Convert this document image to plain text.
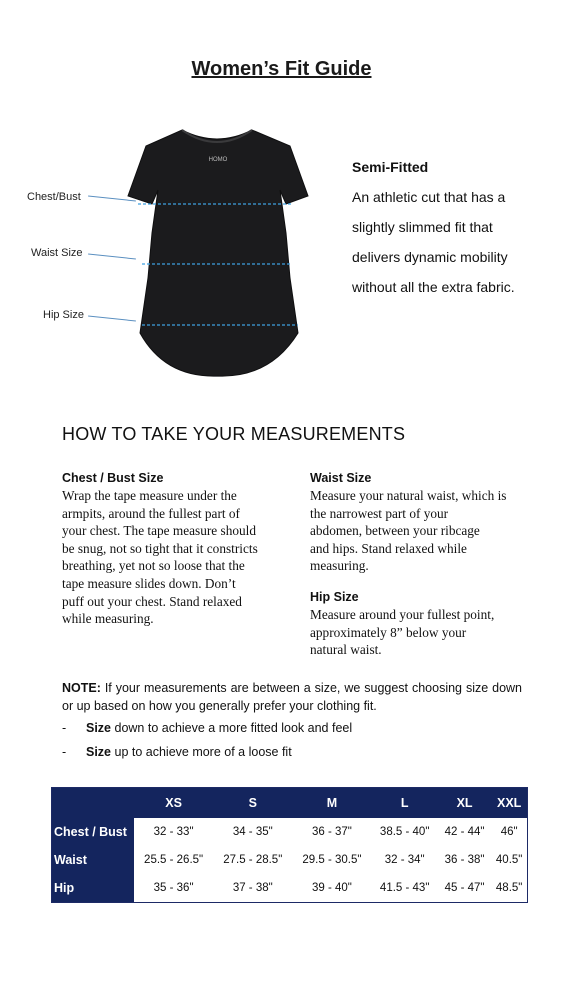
Women’s Fit Guide
HOMO
Chest/Bust
Waist Size
Hip Size
Semi-Fitted
An athletic cut that has a
slightly slimmed fit that
delivers dynamic mobility
without all the extra fabric.
HOW TO TAKE YOUR MEASUREMENTS
Chest / Bust Size

Wrap the tape measure under the

armpits, around the fullest part of

your chest. The tape measure should

be snug, not so tight that it constricts

breathing, yet not so loose that the

tape measure slides down. Don’t

puff out your chest. Stand relaxed

while measuring.

Waist Size

Measure your natural waist, which is

the narrowest part of your

abdomen, between your ribcage

and hips. Stand relaxed while

measuring.

Hip Size

Measure around your fullest point,

approximately 8” below your

natural waist.

NOTE: If your measurements are between a size, we suggest choosing size down or up based on how you generally prefer your clothing fit.
- Size down to achieve a more fitted look and feel
- Size up to achieve more of a loose fit
	XS	S	M	L	XL	XXL
Chest / Bust	32 - 33"	34 - 35"	36 - 37"	38.5 - 40"	42 - 44"	46"
Waist	25.5 - 26.5"	27.5 - 28.5"	29.5 - 30.5"	32 - 34"	36 - 38"	40.5"
Hip	35 - 36"	37 - 38"	39 - 40"	41.5 - 43"	45 - 47"	48.5"
